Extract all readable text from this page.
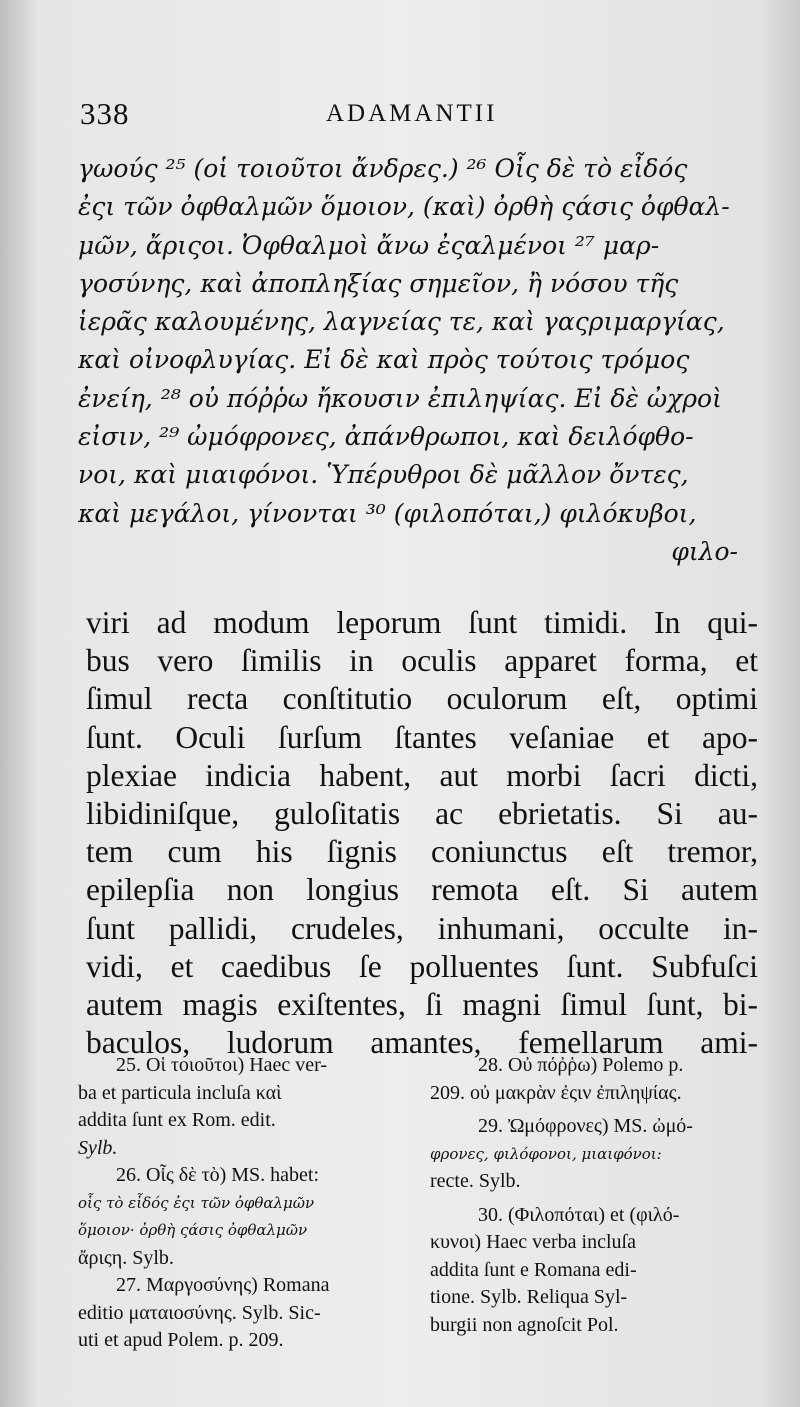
338	ADAMANTII
γωούς ²⁵ (οἱ τοιοῦτοι ἄνδρες.) ²⁶ Οἷς δὲ τὸ εἶδός
ἐςι τῶν ὀφθαλμῶν ὅμοιον, (καὶ) ὀρθὴ ςάσις ὀφθαλ-
μῶν, ἄριςοι. Ὀφθαλμοὶ ἄνω ἐςαλμένοι ²⁷ μαρ-
γοσύνης, καὶ ἀποπληξίας σημεῖον, ἢ νόσου τῆς
ἱερᾶς καλουμένης, λαγνείας τε, καὶ γαςριμαργίας,
καὶ οἰνοφλυγίας. Εἰ δὲ καὶ πρὸς τούτοις τρόμος
ἐνείη, ²⁸ οὐ πόῤῥω ἤκουσιν ἐπιληψίας. Εἰ δὲ ὠχροὶ
εἰσιν, ²⁹ ὠμόφρονες, ἀπάνθρωποι, καὶ δειλόφθο-
νοι, καὶ μιαιφόνοι. Ὑπέρυθροι δὲ μᾶλλον ὄντες,
καὶ μεγάλοι, γίνονται ³⁰ (φιλοπόται,) φιλόκυβοι,
φιλο-
viri ad modum leporum ſunt timidi. In qui-
bus vero ſimilis in oculis apparet forma, et
ſimul recta conſtitutio oculorum eſt, optimi
ſunt. Oculi ſurſum ſtantes veſaniae et apo-
plexiae indicia habent, aut morbi ſacri dicti,
libidiniſque, guloſitatis ac ebrietatis. Si au-
tem cum his ſignis coniunctus eſt tremor,
epilepſia non longius remota eſt. Si autem
ſunt pallidi, crudeles, inhumani, occulte in-
vidi, et caedibus ſe polluentes ſunt. Subfuſci
autem magis exiſtentes, ſi magni ſimul ſunt, bi-
baculos, ludorum amantes, femellarum ami-
25. Οἱ τοιοῦτοι) Haec ver-
ba et particula incluſa καὶ
addita ſunt ex Rom. edit.
Sylb.
26. Οἷς δὲ τὸ) MS. habet:
οἷς τὸ εἶδός ἐςι τῶν ὀφθαλμῶν
ὅμοιον· ὀρθὴ ςάσις ὀφθαλμῶν
ἄριςη. Sylb.
27. Μαργοσύνης) Romana
editio ματαιοσύνης. Sylb. Sic-
uti et apud Polem. p. 209.
28. Οὐ πόῤῥω) Polemo p.
209. οὐ μακρὰν ἐςιν ἐπιληψίας.
29. Ὠμόφρονες) MS. ὠμό-
φρονες, φιλόφονοι, μιαιφόνοι:
recte. Sylb.
30. (Φιλοπόται) et (φιλό-
κυνοι) Haec verba incluſa
addita ſunt e Romana edi-
tione. Sylb. Reliqua Syl-
burgii non agnoſcit Pol.
